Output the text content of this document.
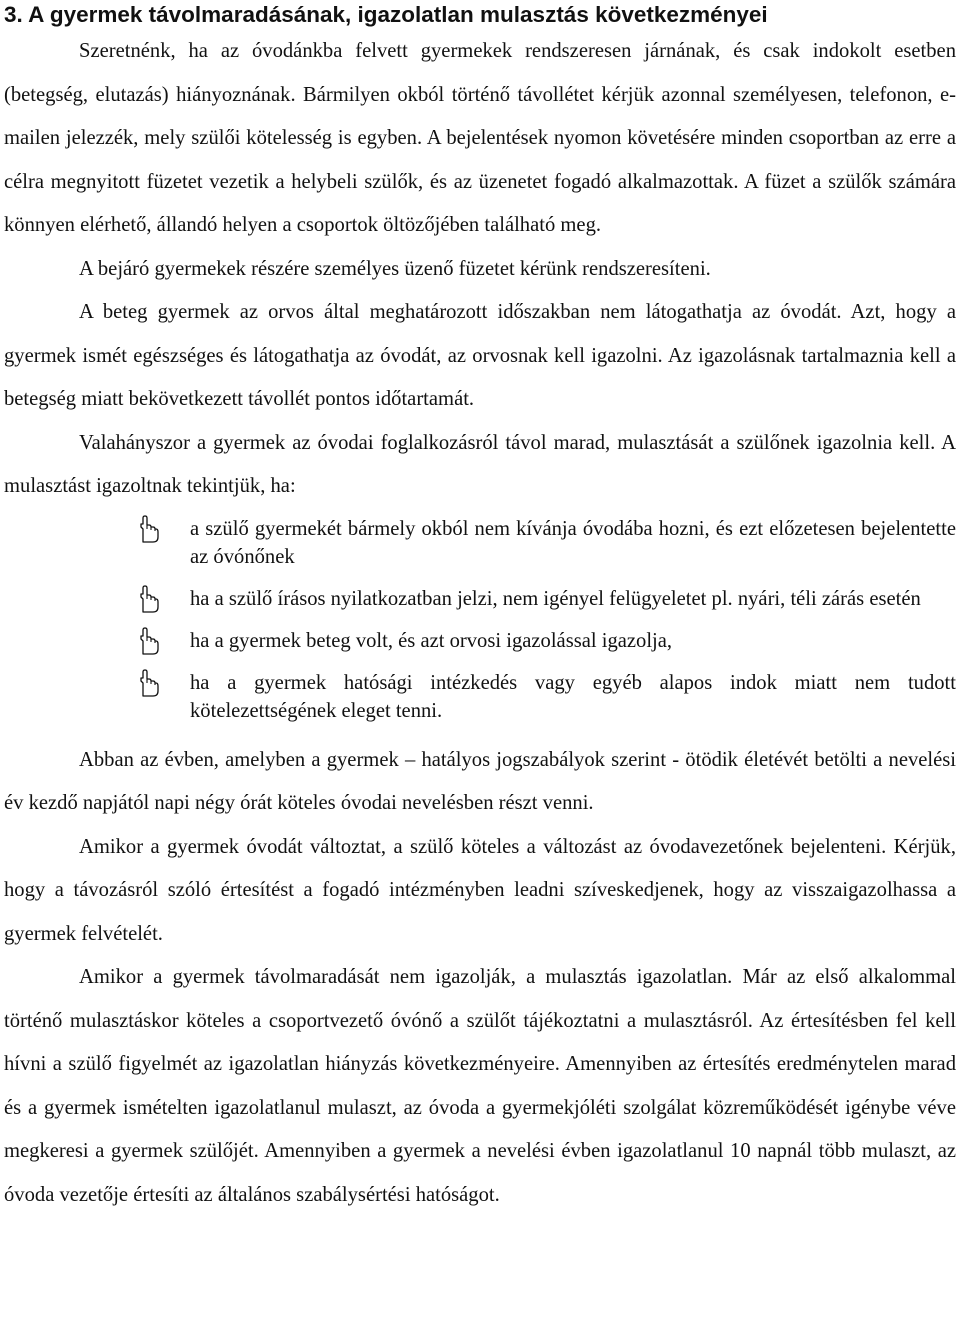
3. A gyermek távolmaradásának, igazolatlan mulasztás következményei

Szeretnénk, ha az óvodánkba felvett gyermekek rendszeresen járnának, és csak indokolt esetben (betegség, elutazás) hiányoznának. Bármilyen okból történő távollétet kérjük azonnal személyesen, telefonon, e-mailen jelezzék, mely szülői kötelesség is egyben. A bejelentések nyomon követésére minden csoportban az erre a célra megnyitott füzetet vezetik a helybeli szülők, és az üzenetet fogadó alkalmazottak. A füzet a szülők számára könnyen elérhető, állandó helyen a csoportok öltözőjében található meg.

A bejáró gyermekek részére személyes üzenő füzetet kérünk rendszeresíteni.

A beteg gyermek az orvos által meghatározott időszakban nem látogathatja az óvodát. Azt, hogy a gyermek ismét egészséges és látogathatja az óvodát, az orvosnak kell igazolni. Az igazolásnak tartalmaznia kell a betegség miatt bekövetkezett távollét pontos időtartamát.

Valahányszor a gyermek az óvodai foglalkozásról távol marad, mulasztását a szülőnek igazolnia kell. A mulasztást igazoltnak tekintjük, ha:

a szülő gyermekét bármely okból nem kívánja óvodába hozni, és ezt előzetesen bejelentette az óvónőnek
ha a szülő írásos nyilatkozatban jelzi, nem igényel felügyeletet pl. nyári, téli zárás esetén
ha a gyermek beteg volt, és azt orvosi igazolással igazolja,
ha a gyermek hatósági intézkedés vagy egyéb alapos indok miatt nem tudott kötelezettségének eleget tenni.

Abban az évben, amelyben a gyermek – hatályos jogszabályok szerint - ötödik életévét betölti a nevelési év kezdő napjától napi négy órát köteles óvodai nevelésben részt venni.

Amikor a gyermek óvodát változtat, a szülő köteles a változást az óvodavezetőnek bejelenteni. Kérjük, hogy a távozásról szóló értesítést a fogadó intézményben leadni szíveskedjenek, hogy az visszaigazolhassa a gyermek felvételét.

Amikor a gyermek távolmaradását nem igazolják, a mulasztás igazolatlan. Már az első alkalommal történő mulasztáskor köteles a csoportvezető óvónő a szülőt tájékoztatni a mulasztásról. Az értesítésben fel kell hívni a szülő figyelmét az igazolatlan hiányzás következményeire. Amennyiben az értesítés eredménytelen marad és a gyermek ismételten igazolatlanul mulaszt, az óvoda a gyermekjóléti szolgálat közreműködését igénybe véve megkeresi a gyermek szülőjét. Amennyiben a gyermek a nevelési évben igazolatlanul 10 napnál több mulaszt, az óvoda vezetője értesíti az általános szabálysértési hatóságot.
